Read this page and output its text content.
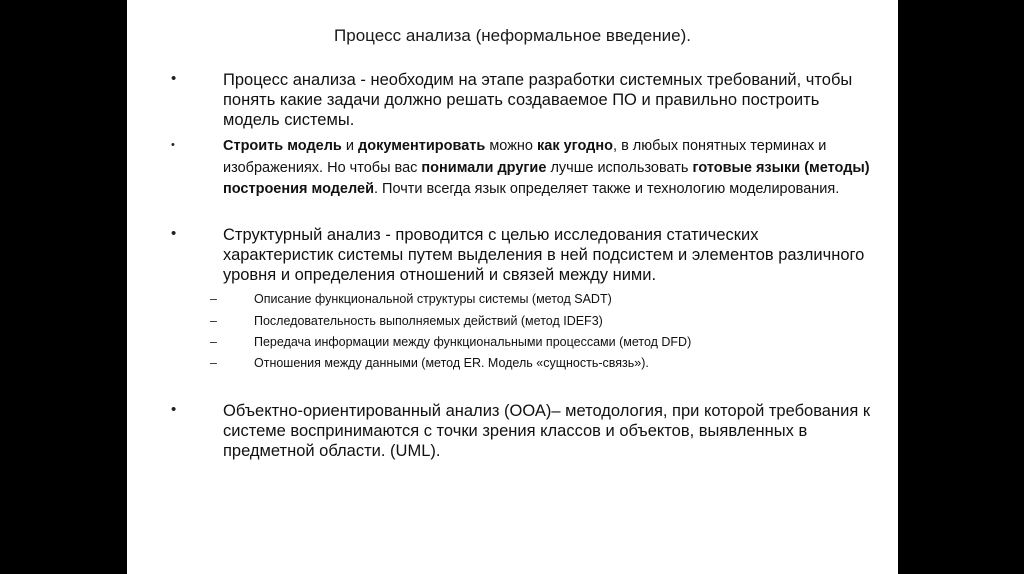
Процесс анализа (неформальное введение).
•	Процесс анализа - необходим на этапе разработки системных требований, чтобы понять какие задачи должно решать создаваемое ПО и правильно построить модель системы.
•	Строить модель и документировать можно как угодно, в любых понятных терминах и изображениях. Но чтобы вас понимали другие лучше использовать готовые языки (методы) построения моделей. Почти всегда язык определяет также и технологию моделирования.
•	Структурный анализ - проводится с целью исследования статических характеристик системы путем выделения в ней подсистем и элементов различного уровня и определения отношений и связей между ними.
–	Описание функциональной структуры системы (метод SADT)
–	Последовательность выполняемых действий (метод IDEF3)
–	Передача информации между функциональными процессами (метод DFD)
–	Отношения между данными (метод ER. Модель «сущность-связь»).
•	Объектно-ориентированный анализ (ООА)– методология, при которой требования к системе воспринимаются с точки зрения классов и объектов, выявленных в предметной области. (UML).
